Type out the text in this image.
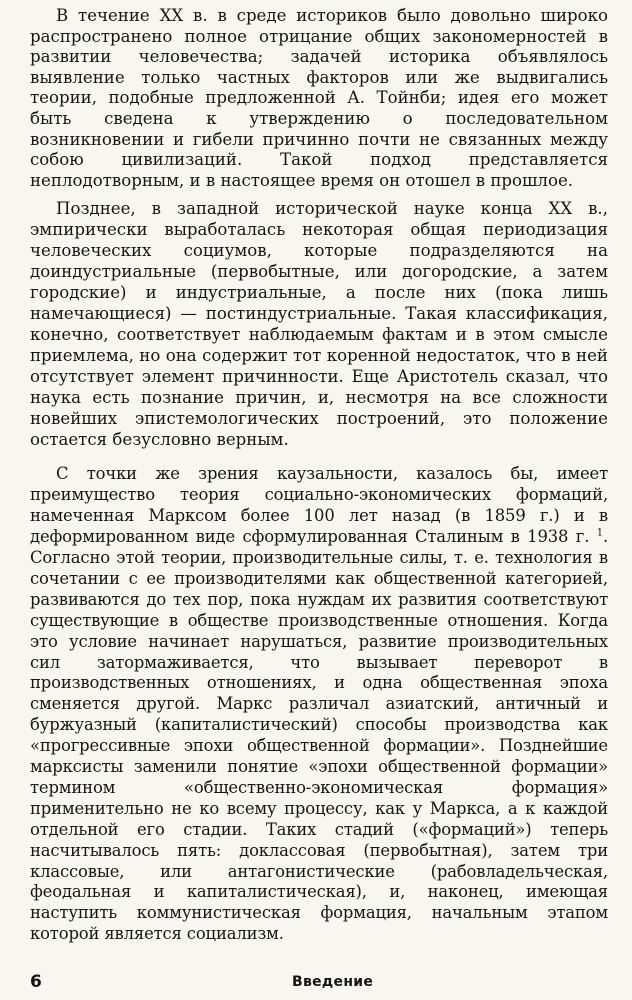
В течение XX в. в среде историков было довольно широко распространено полное отрицание общих закономерностей в развитии человечества; задачей историка объявлялось выявление только частных факторов или же выдвигались теории, подобные предложенной А. Тойнби; идея его может быть сведена к утверждению о последовательном возникновении и гибели причинно почти не связанных между собою цивилизаций. Такой подход представляется неплодотворным, и в настоящее время он отошел в прошлое.

Позднее, в западной исторической науке конца XX в., эмпирически выработалась некоторая общая периодизация человеческих социумов, которые подразделяются на доиндустриальные (первобытные, или догородские, а затем городские) и индустриальные, а после них (пока лишь намечающиеся) — постиндустриальные. Такая классификация, конечно, соответствует наблюдаемым фактам и в этом смысле приемлема, но она содержит тот коренной недостаток, что в ней отсутствует элемент причинности. Еще Аристотель сказал, что наука есть познание причин, и, несмотря на все сложности новейших эпистемологических построений, это положение остается безусловно верным.

С точки же зрения каузальности, казалось бы, имеет преимущество теория социально-экономических формаций, намеченная Марксом более 100 лет назад (в 1859 г.) и в деформированном виде сформулированная Сталиным в 1938 г. $^1$. Согласно этой теории, производительные силы, т. е. технология в сочетании с ее производителями как общественной категорией, развиваются до тех пор, пока нуждам их развития соответствуют существующие в обществе производственные отношения. Когда это условие начинает нарушаться, развитие производительных сил затормаживается, что вызывает переворот в производственных отношениях, и одна общественная эпоха сменяется другой. Маркс различал азиатский, античный и буржуазный (капиталистический) способы производства как «прогрессивные эпохи общественной формации». Позднейшие марксисты заменили понятие «эпохи общественной формации» термином «общественно-экономическая формация» применительно не ко всему процессу, как у Маркса, а к каждой отдельной его стадии. Таких стадий («формаций») теперь насчитывалось пять: доклассовая (первобытная), затем три классовые, или антагонистические (рабовладельческая, феодальная и капиталистическая), и, наконец, имеющая наступить коммунистическая формация, начальным этапом которой является социализм.

6	Введение
